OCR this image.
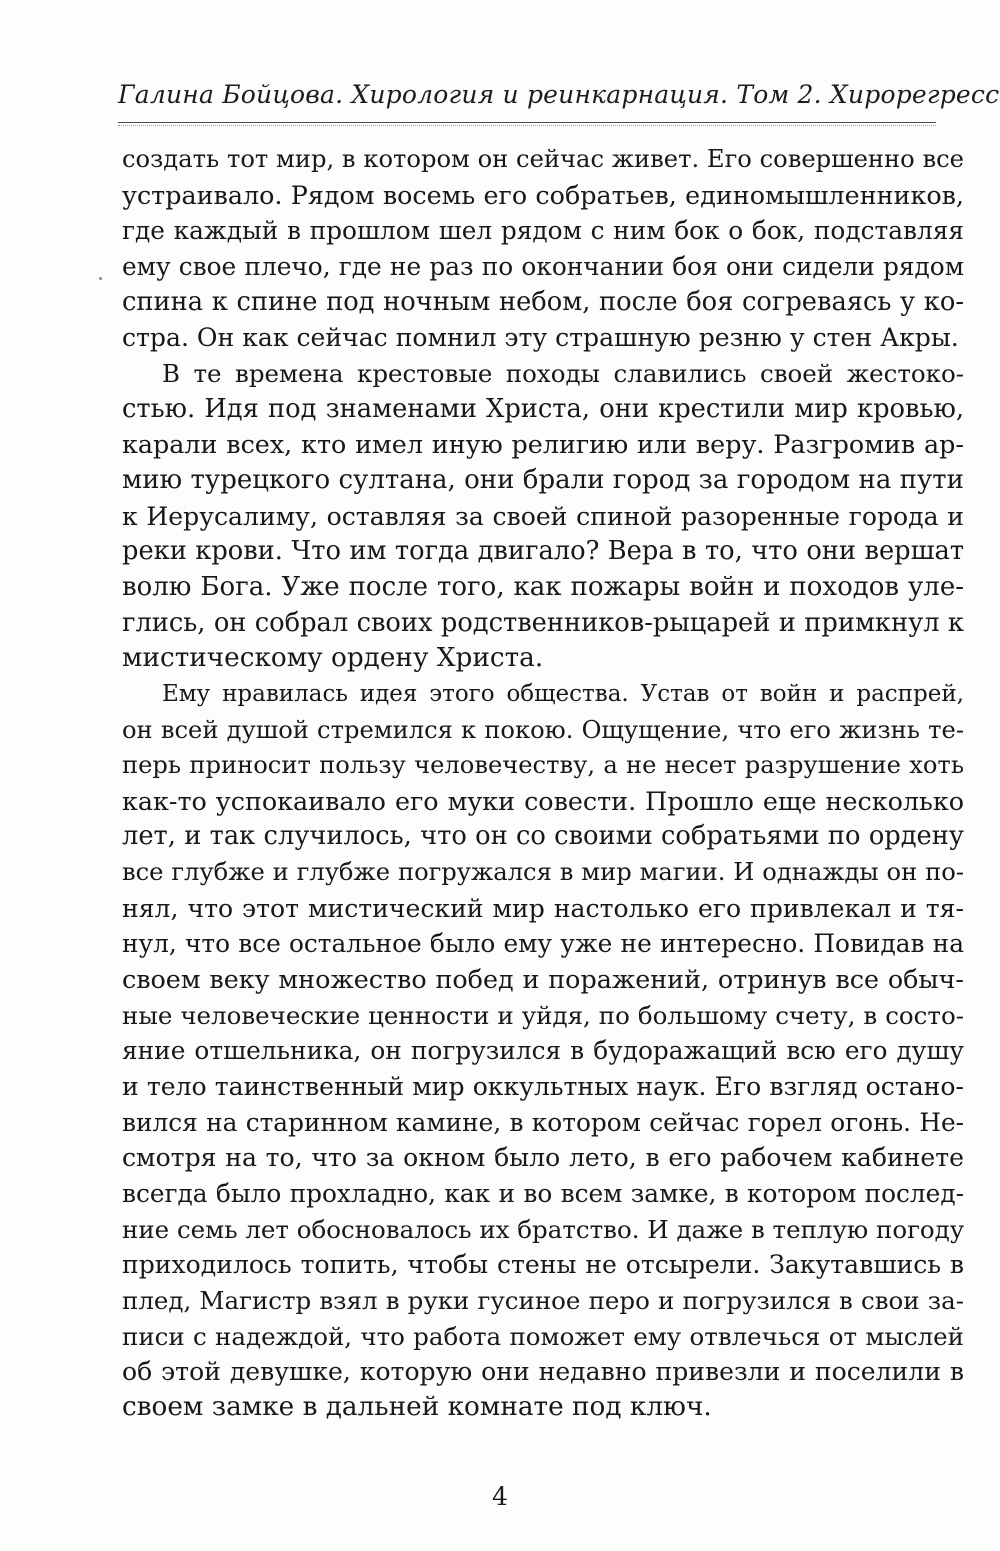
Галина Бойцова. Хирология и реинкарнация. Том 2. Хирорегресс

создать тот мир, в котором он сейчас живет. Его совершенно все
устраивало. Рядом восемь его собратьев, единомышленников,
где каждый в прошлом шел рядом с ним бок о бок, подставляя
ему свое плечо, где не раз по окончании боя они сидели рядом
спина к спине под ночным небом, после боя согреваясь у ко-
стра. Он как сейчас помнил эту страшную резню у стен Акры.

В те времена крестовые походы славились своей жестоко-
стью. Идя под знаменами Христа, они крестили мир кровью,
карали всех, кто имел иную религию или веру. Разгромив ар-
мию турецкого султана, они брали город за городом на пути
к Иерусалиму, оставляя за своей спиной разоренные города и
реки крови. Что им тогда двигало? Вера в то, что они вершат
волю Бога. Уже после того, как пожары войн и походов уле-
глись, он собрал своих родственников-рыцарей и примкнул к
мистическому ордену Христа.

Ему нравилась идея этого общества. Устав от войн и распрей,
он всей душой стремился к покою. Ощущение, что его жизнь те-
перь приносит пользу человечеству, а не несет разрушение хоть
как-то успокаивало его муки совести. Прошло еще несколько
лет, и так случилось, что он со своими собратьями по ордену
все глубже и глубже погружался в мир магии. И однажды он по-
нял, что этот мистический мир настолько его привлекал и тя-
нул, что все остальное было ему уже не интересно. Повидав на
своем веку множество побед и поражений, отринув все обыч-
ные человеческие ценности и уйдя, по большому счету, в состо-
яние отшельника, он погрузился в будоражащий всю его душу
и тело таинственный мир оккультных наук. Его взгляд остано-
вился на старинном камине, в котором сейчас горел огонь. Не-
смотря на то, что за окном было лето, в его рабочем кабинете
всегда было прохладно, как и во всем замке, в котором послед-
ние семь лет обосновалось их братство. И даже в теплую погоду
приходилось топить, чтобы стены не отсырели. Закутавшись в
плед, Магистр взял в руки гусиное перо и погрузился в свои за-
писи с надеждой, что работа поможет ему отвлечься от мыслей
об этой девушке, которую они недавно привезли и поселили в
своем замке в дальней комнате под ключ.

4
